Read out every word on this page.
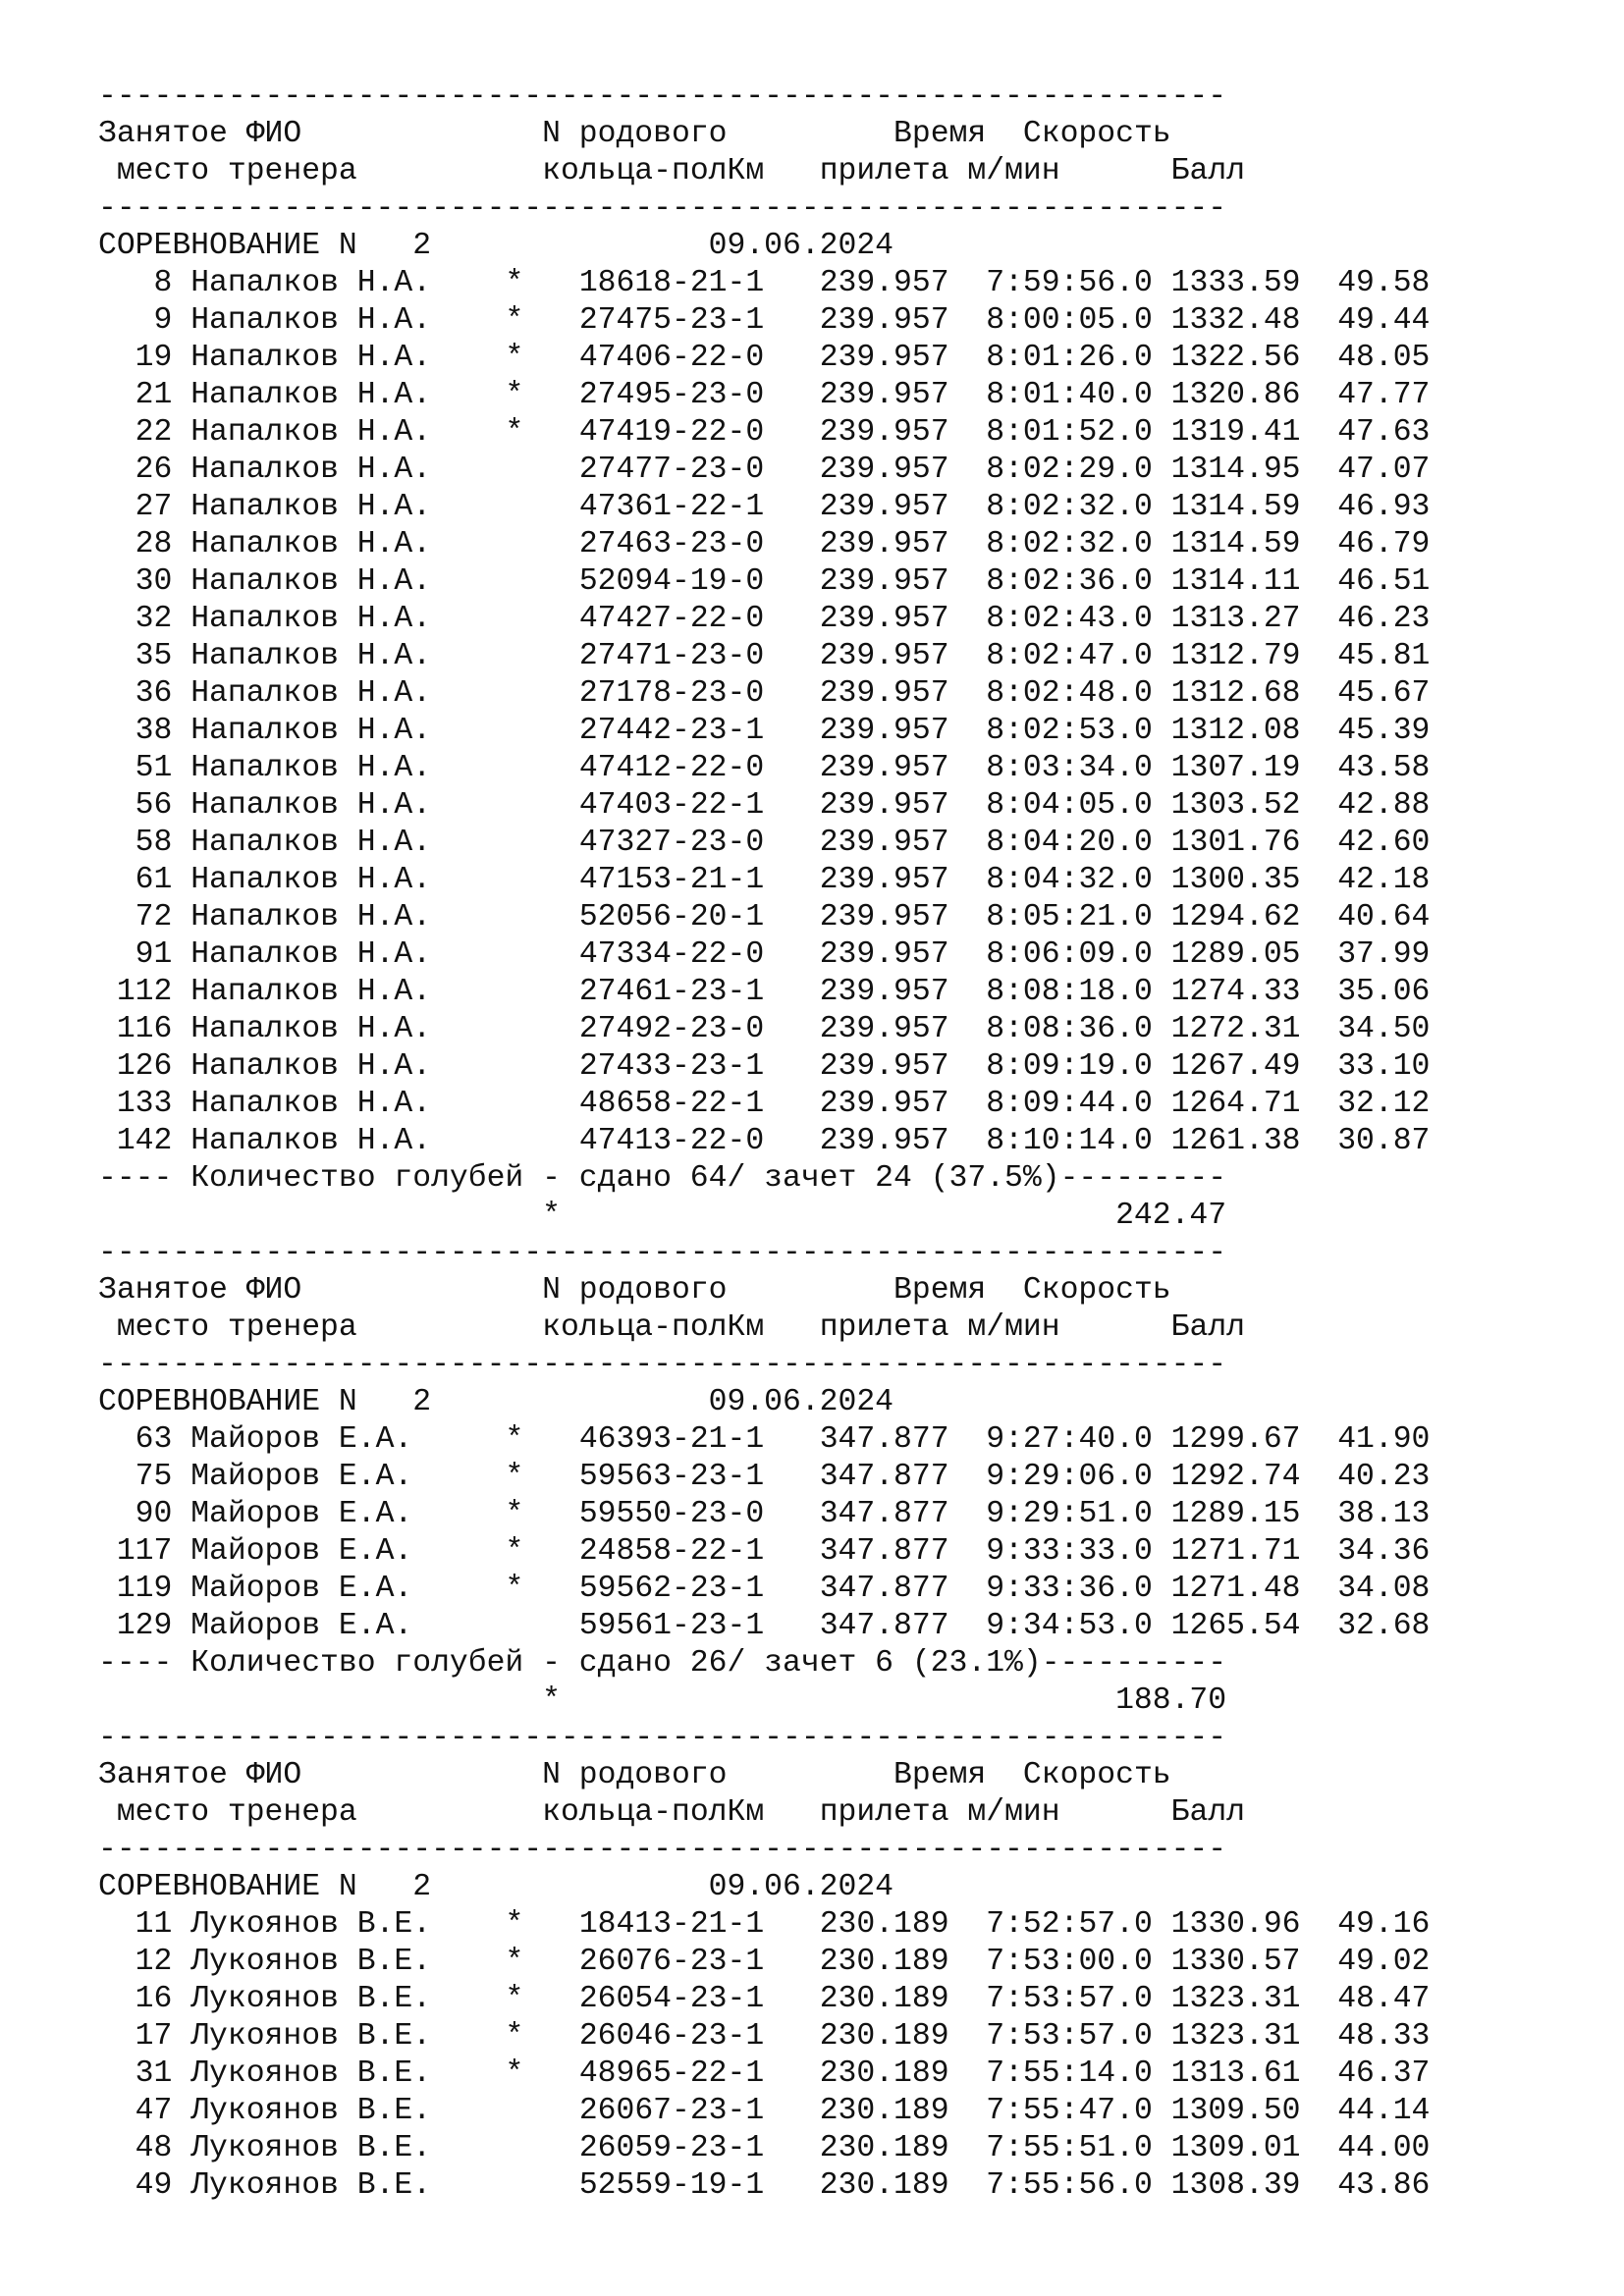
-------------------------------------------------------------
Занятое ФИО	N родового	Время Скорость
место тренера	кольца-полКм прилета м/мин	Балл
-------------------------------------------------------------
СОРЕВНОВАНИЕ N   2	09.06.2024
8 Напалков Н.А.    * 18618-21-1 239.957  7:59:56.0 1333.59 49.58
9 Напалков Н.А.    * 27475-23-1 239.957  8:00:05.0 1332.48 49.44
19 Напалков Н.А.    * 47406-22-0 239.957  8:01:26.0 1322.56 48.05
21 Напалков Н.А.    * 27495-23-0 239.957  8:01:40.0 1320.86 47.77
22 Напалков Н.А.    * 47419-22-0 239.957  8:01:52.0 1319.41 47.63
26 Напалков Н.А.	27477-23-0 239.957  8:02:29.0 1314.95 47.07
27 Напалков Н.А.	47361-22-1 239.957  8:02:32.0 1314.59 46.93
28 Напалков Н.А.	27463-23-0 239.957  8:02:32.0 1314.59 46.79
30 Напалков Н.А.	52094-19-0 239.957  8:02:36.0 1314.11 46.51
32 Напалков Н.А.	47427-22-0 239.957  8:02:43.0 1313.27 46.23
35 Напалков Н.А.	27471-23-0 239.957  8:02:47.0 1312.79 45.81
36 Напалков Н.А.	27178-23-0 239.957  8:02:48.0 1312.68 45.67
38 Напалков Н.А.	27442-23-1 239.957  8:02:53.0 1312.08 45.39
51 Напалков Н.А.	47412-22-0 239.957  8:03:34.0 1307.19 43.58
56 Напалков Н.А.	47403-22-1 239.957  8:04:05.0 1303.52 42.88
58 Напалков Н.А.	47327-23-0 239.957  8:04:20.0 1301.76 42.60
61 Напалков Н.А.	47153-21-1 239.957  8:04:32.0 1300.35 42.18
72 Напалков Н.А.	52056-20-1 239.957  8:05:21.0 1294.62 40.64
91 Напалков Н.А.	47334-22-0 239.957  8:06:09.0 1289.05 37.99
112 Напалков Н.А.	27461-23-1 239.957  8:08:18.0 1274.33 35.06
116 Напалков Н.А.	27492-23-0 239.957  8:08:36.0 1272.31 34.50
126 Напалков Н.А.	27433-23-1 239.957  8:09:19.0 1267.49 33.10
133 Напалков Н.А.	48658-22-1 239.957  8:09:44.0 1264.71 32.12
142 Напалков Н.А.	47413-22-0 239.957  8:10:14.0 1261.38 30.87
---- Количество голубей - сдано 64/ зачет 24 (37.5%)---------
*	242.47
-------------------------------------------------------------
Занятое ФИО	N родового	Время Скорость
место тренера	кольца-полКм прилета м/мин	Балл
-------------------------------------------------------------
СОРЕВНОВАНИЕ N   2	09.06.2024
63 Майоров Е.А.     * 46393-21-1 347.877  9:27:40.0 1299.67 41.90
75 Майоров Е.А.     * 59563-23-1 347.877  9:29:06.0 1292.74 40.23
90 Майоров Е.А.     * 59550-23-0 347.877  9:29:51.0 1289.15 38.13
117 Майоров Е.А.     * 24858-22-1 347.877  9:33:33.0 1271.71 34.36
119 Майоров Е.А.     * 59562-23-1 347.877  9:33:36.0 1271.48 34.08
129 Майоров Е.А.	59561-23-1 347.877  9:34:53.0 1265.54 32.68
---- Количество голубей - сдано 26/ зачет 6 (23.1%)----------
*	188.70
-------------------------------------------------------------
Занятое ФИО	N родового	Время Скорость
место тренера	кольца-полКм прилета м/мин	Балл
-------------------------------------------------------------
СОРЕВНОВАНИЕ N   2	09.06.2024
11 Лукоянов В.Е.    * 18413-21-1 230.189  7:52:57.0 1330.96 49.16
12 Лукоянов В.Е.    * 26076-23-1 230.189  7:53:00.0 1330.57 49.02
16 Лукоянов В.Е.    * 26054-23-1 230.189  7:53:57.0 1323.31 48.47
17 Лукоянов В.Е.    * 26046-23-1 230.189  7:53:57.0 1323.31 48.33
31 Лукоянов В.Е.    * 48965-22-1 230.189  7:55:14.0 1313.61 46.37
47 Лукоянов В.Е.	26067-23-1 230.189  7:55:47.0 1309.50 44.14
48 Лукоянов В.Е.	26059-23-1 230.189  7:55:51.0 1309.01 44.00
49 Лукоянов В.Е.	52559-19-1 230.189  7:55:56.0 1308.39 43.86
